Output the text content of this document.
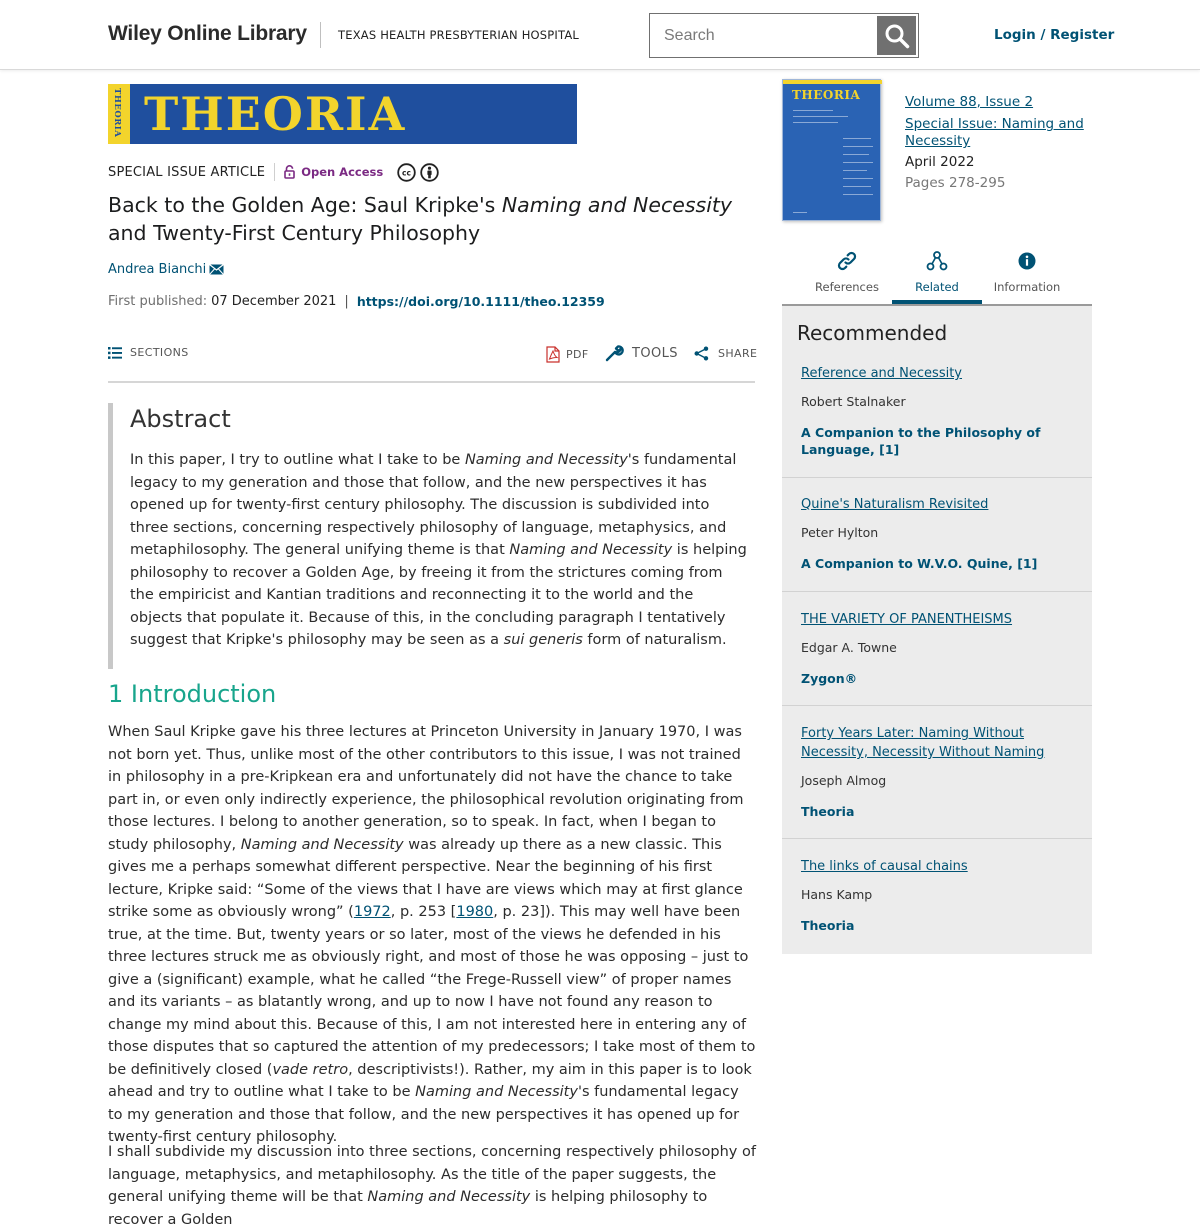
Wiley Online Library	TEXAS HEALTH PRESBYTERIAN HOSPITAL
Search	Login / Register
THEORIA THEORIA
SPECIAL ISSUE ARTICLE	Open Access	cc
Back to the Golden Age: Saul Kripke's Naming and Necessity and Twenty-First Century Philosophy
Andrea Bianchi
First published: 07 December 2021 | https://doi.org/10.1111/theo.12359
SECTIONS	PDF	TOOLS	SHARE
Abstract

In this paper, I try to outline what I take to be Naming and Necessity's fundamental legacy to my generation and those that follow, and the new perspectives it has opened up for twenty-first century philosophy. The discussion is subdivided into three sections, concerning respectively philosophy of language, metaphysics, and metaphilosophy. The general unifying theme is that Naming and Necessity is helping philosophy to recover a Golden Age, by freeing it from the strictures coming from the empiricist and Kantian traditions and reconnecting it to the world and the objects that populate it. Because of this, in the concluding paragraph I tentatively suggest that Kripke's philosophy may be seen as a sui generis form of naturalism.

1 Introduction

When Saul Kripke gave his three lectures at Princeton University in January 1970, I was not born yet. Thus, unlike most of the other contributors to this issue, I was not trained in philosophy in a pre-Kripkean era and unfortunately did not have the chance to take part in, or even only indirectly experience, the philosophical revolution originating from those lectures. I belong to another generation, so to speak. In fact, when I began to study philosophy, Naming and Necessity was already up there as a new classic. This gives me a perhaps somewhat different perspective. Near the beginning of his first lecture, Kripke said: “Some of the views that I have are views which may at first glance strike some as obviously wrong” (1972, p. 253 [1980, p. 23]). This may well have been true, at the time. But, twenty years or so later, most of the views he defended in his three lectures struck me as obviously right, and most of those he was opposing – just to give a (significant) example, what he called “the Frege-Russell view” of proper names and its variants – as blatantly wrong, and up to now I have not found any reason to change my mind about this. Because of this, I am not interested here in entering any of those disputes that so captured the attention of my predecessors; I take most of them to be definitively closed (vade retro, descriptivists!). Rather, my aim in this paper is to look ahead and try to outline what I take to be Naming and Necessity's fundamental legacy to my generation and those that follow, and the new perspectives it has opened up for twenty-first century philosophy.

I shall subdivide my discussion into three sections, concerning respectively philosophy of language, metaphysics, and metaphilosophy. As the title of the paper suggests, the general unifying theme will be that Naming and Necessity is helping philosophy to recover a Golden

THEORIA	Volume 88, Issue 2
Special Issue: Naming and Necessity
April 2022
Pages 278-295
References	Related	Information
Recommended
Reference and Necessity
Robert Stalnaker
A Companion to the Philosophy of Language, [1]
Quine's Naturalism Revisited
Peter Hylton
A Companion to W.V.O. Quine, [1]
THE VARIETY OF PANENTHEISMS
Edgar A. Towne
Zygon®
Forty Years Later: Naming Without Necessity, Necessity Without Naming
Joseph Almog
Theoria
The links of causal chains
Hans Kamp
Theoria
